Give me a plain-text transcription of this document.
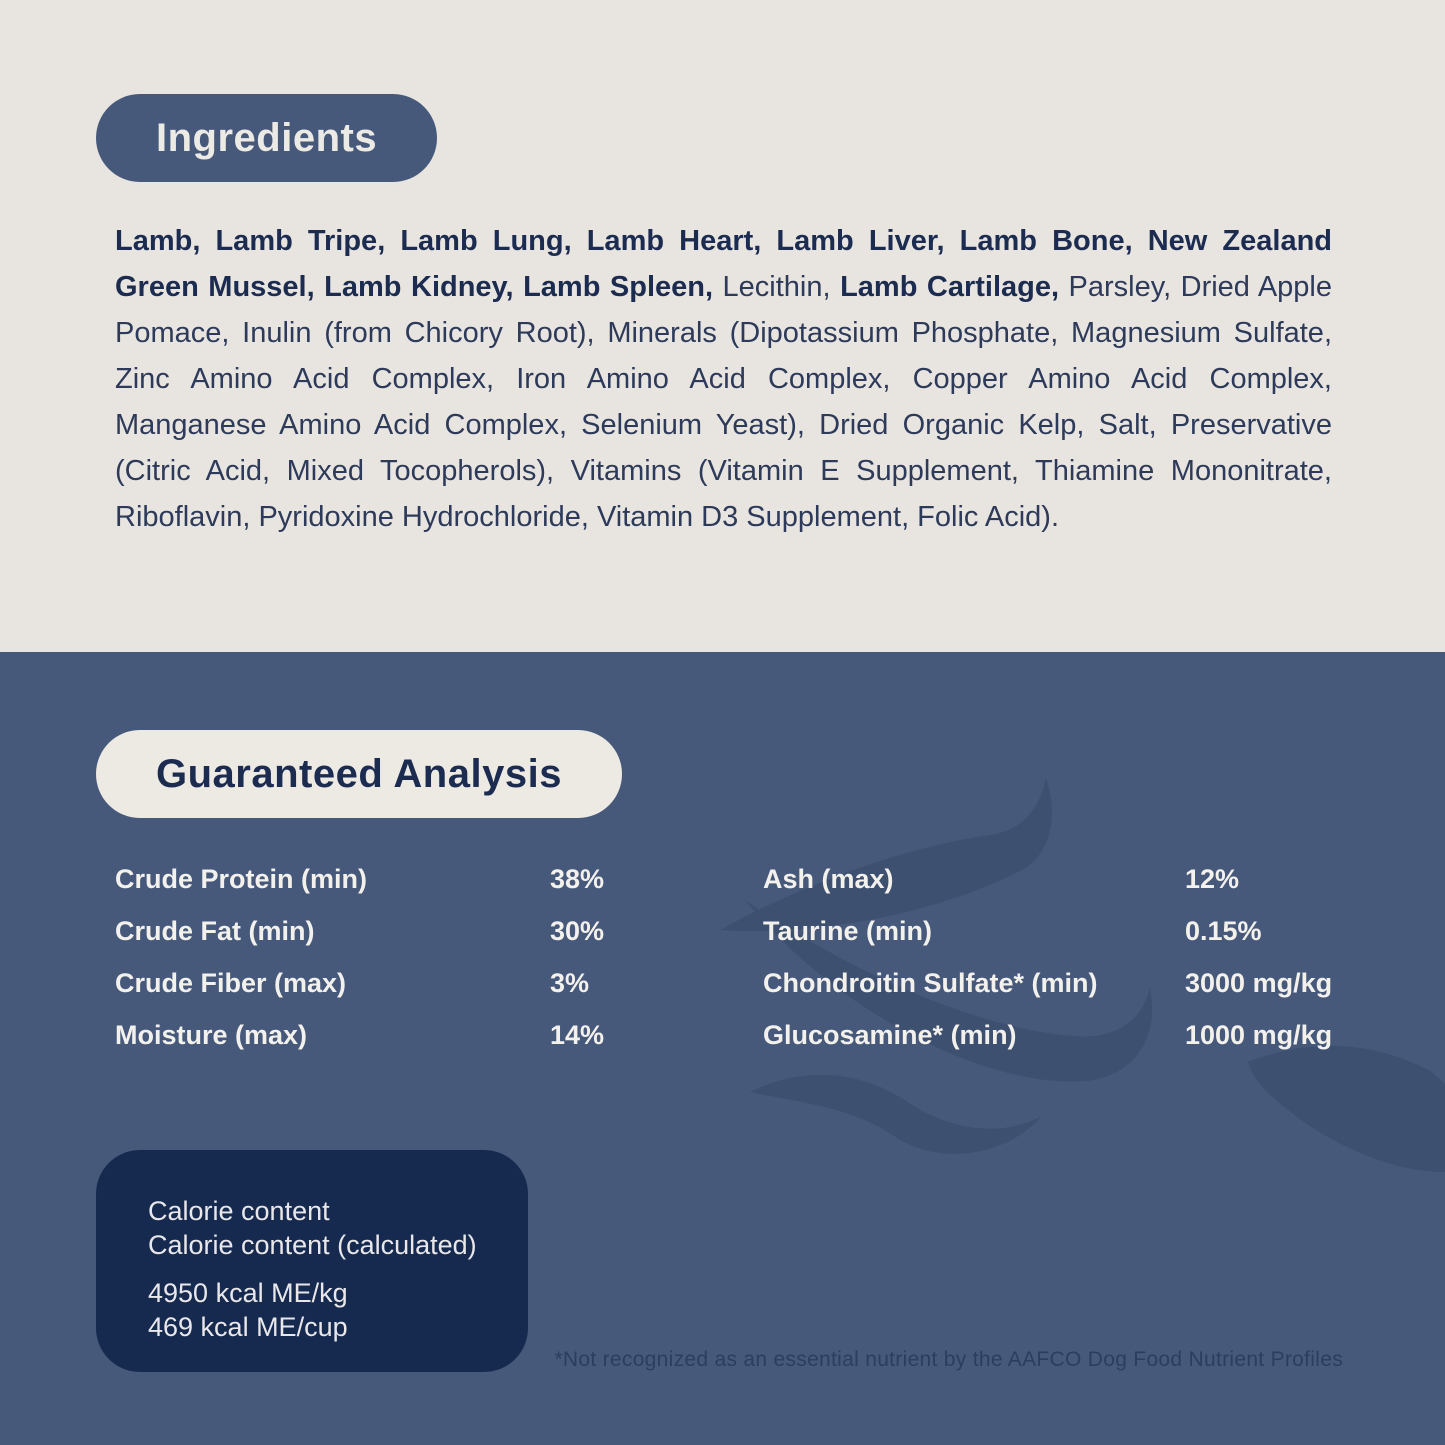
Ingredients
Lamb, Lamb Tripe, Lamb Lung, Lamb Heart, Lamb Liver, Lamb Bone, New Zealand Green Mussel, Lamb Kidney, Lamb Spleen, Lecithin, Lamb Cartilage, Parsley, Dried Apple Pomace, Inulin (from Chicory Root), Minerals (Dipotassium Phosphate, Magnesium Sulfate, Zinc Amino Acid Complex, Iron Amino Acid Complex, Copper Amino Acid Complex, Manganese Amino Acid Complex, Selenium Yeast), Dried Organic Kelp, Salt, Preservative (Citric Acid, Mixed Tocopherols), Vitamins (Vitamin E Supplement, Thiamine Mononitrate, Riboflavin, Pyridoxine Hydrochloride, Vitamin D3 Supplement, Folic Acid).
Guaranteed Analysis
Crude Protein (min)	38%
Crude Fat (min)	30%
Crude Fiber (max)	3%
Moisture (max)	14%
Ash (max)	12%
Taurine (min)	0.15%
Chondroitin Sulfate* (min)	3000 mg/kg
Glucosamine* (min)	1000 mg/kg
Calorie content
Calorie content (calculated)
4950 kcal ME/kg
469 kcal ME/cup
*Not recognized as an essential nutrient by the AAFCO Dog Food Nutrient Profiles
